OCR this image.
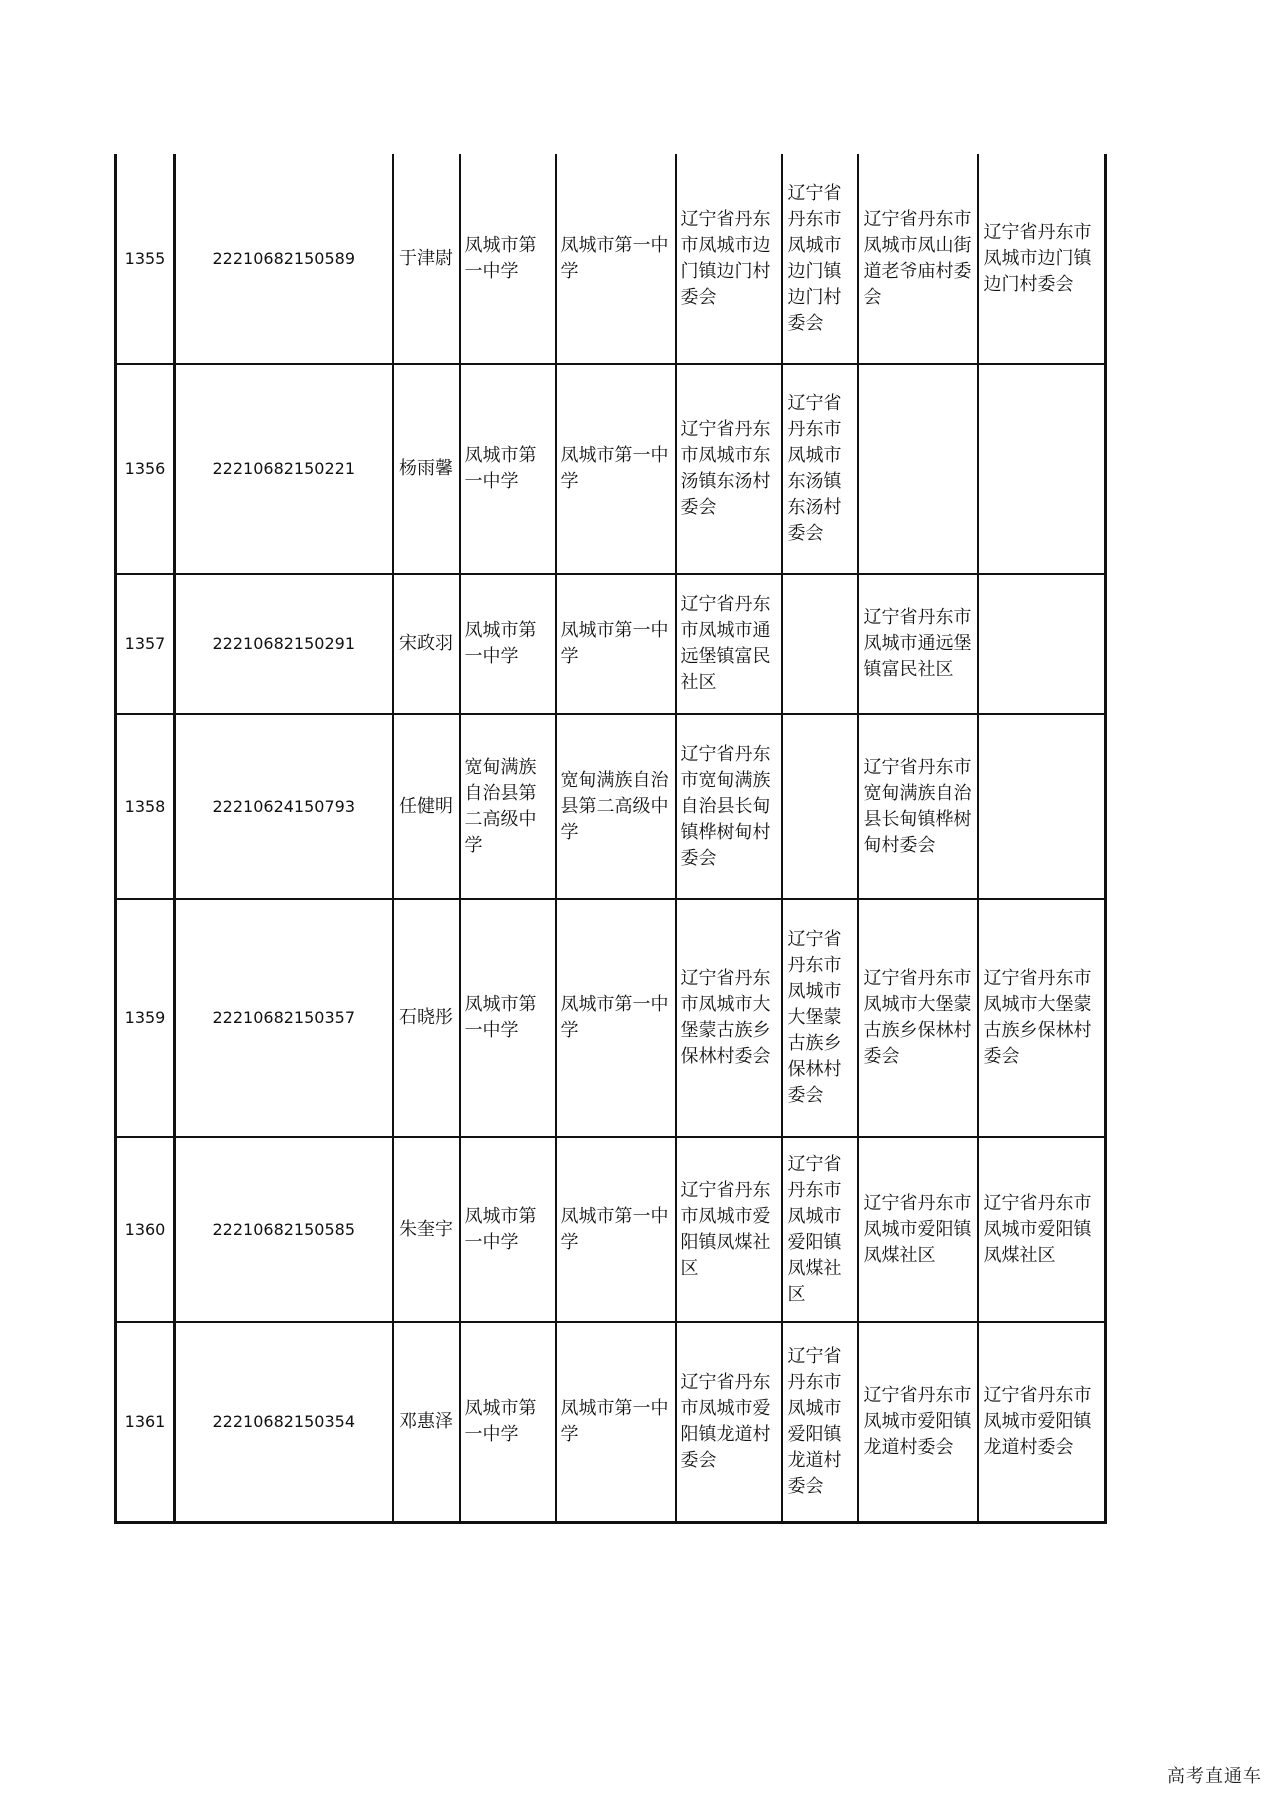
1355	22210682150589	于津尉	凤城市第一中学	凤城市第一中学	辽宁省丹东市凤城市边门镇边门村委会	辽宁省丹东市凤城市边门镇边门村委会	辽宁省丹东市凤城市凤山街道老爷庙村委会	辽宁省丹东市凤城市边门镇边门村委会
1356	22210682150221	杨雨馨	凤城市第一中学	凤城市第一中学	辽宁省丹东市凤城市东汤镇东汤村委会	辽宁省丹东市凤城市东汤镇东汤村委会		
1357	22210682150291	宋政羽	凤城市第一中学	凤城市第一中学	辽宁省丹东市凤城市通远堡镇富民社区		辽宁省丹东市凤城市通远堡镇富民社区	
1358	22210624150793	任健明	宽甸满族自治县第二高级中学	宽甸满族自治县第二高级中学	辽宁省丹东市宽甸满族自治县长甸镇桦树甸村委会		辽宁省丹东市宽甸满族自治县长甸镇桦树甸村委会	
1359	22210682150357	石晓彤	凤城市第一中学	凤城市第一中学	辽宁省丹东市凤城市大堡蒙古族乡保林村委会	辽宁省丹东市凤城市大堡蒙古族乡保林村委会	辽宁省丹东市凤城市大堡蒙古族乡保林村委会	辽宁省丹东市凤城市大堡蒙古族乡保林村委会
1360	22210682150585	朱奎宇	凤城市第一中学	凤城市第一中学	辽宁省丹东市凤城市爱阳镇凤煤社区	辽宁省丹东市凤城市爱阳镇凤煤社区	辽宁省丹东市凤城市爱阳镇凤煤社区	辽宁省丹东市凤城市爱阳镇凤煤社区
1361	22210682150354	邓惠泽	凤城市第一中学	凤城市第一中学	辽宁省丹东市凤城市爱阳镇龙道村委会	辽宁省丹东市凤城市爱阳镇龙道村委会	辽宁省丹东市凤城市爱阳镇龙道村委会	辽宁省丹东市凤城市爱阳镇龙道村委会
高考直通车
